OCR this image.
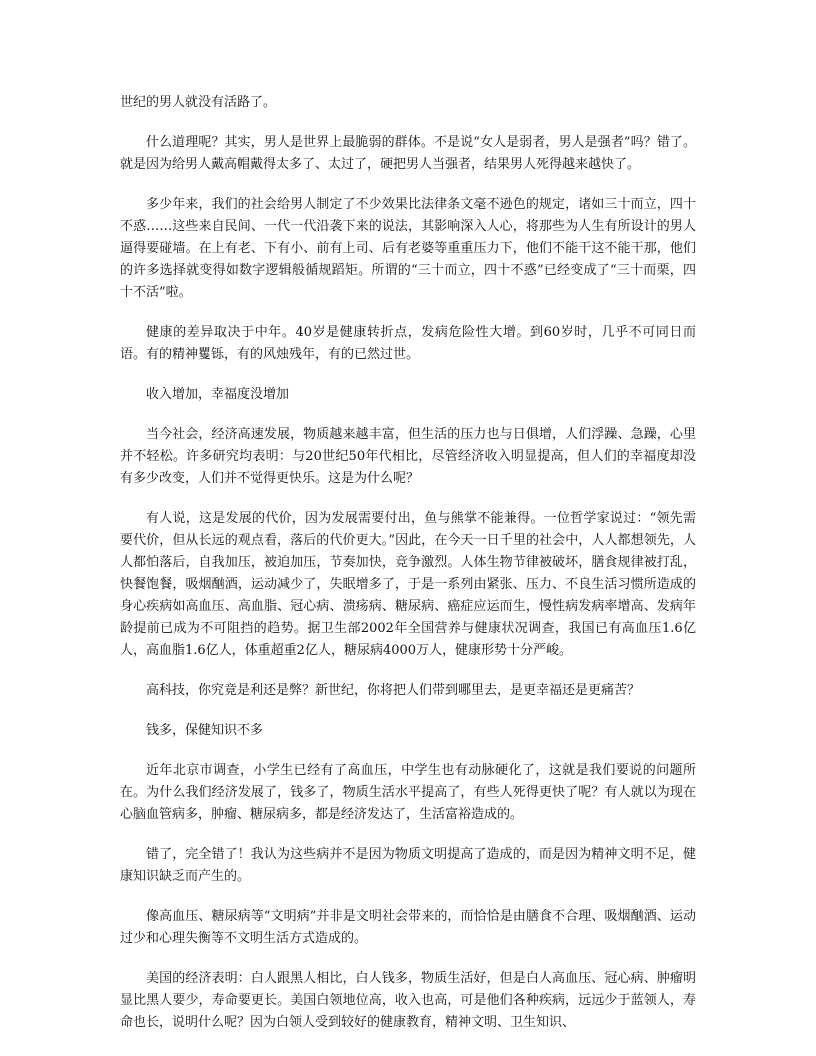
世纪的男人就没有活路了。

什么道理呢？其实，男人是世界上最脆弱的群体。不是说“女人是弱者，男人是强者”吗？错了。就是因为给男人戴高帽戴得太多了、太过了，硬把男人当强者，结果男人死得越来越快了。

多少年来，我们的社会给男人制定了不少效果比法律条文毫不逊色的规定，诸如三十而立，四十不惑……这些来自民间、一代一代沿袭下来的说法，其影响深入人心，将那些为人生有所设计的男人逼得要碰墙。在上有老、下有小、前有上司、后有老婆等重重压力下，他们不能干这不能干那，他们的许多选择就变得如数字逻辑般循规蹈矩。所谓的“三十而立，四十不惑”已经变成了“三十而栗，四十不活”啦。

健康的差异取决于中年。40岁是健康转折点，发病危险性大增。到60岁时，几乎不可同日而语。有的精神矍铄，有的风烛残年，有的已然过世。

收入增加，幸福度没增加

当今社会，经济高速发展，物质越来越丰富，但生活的压力也与日俱增，人们浮躁、急躁，心里并不轻松。许多研究均表明：与20世纪50年代相比，尽管经济收入明显提高，但人们的幸福度却没有多少改变，人们并不觉得更快乐。这是为什么呢？

有人说，这是发展的代价，因为发展需要付出，鱼与熊掌不能兼得。一位哲学家说过：“领先需要代价，但从长远的观点看，落后的代价更大。”因此，在今天一日千里的社会中，人人都想领先，人人都怕落后，自我加压，被迫加压，节奏加快，竞争激烈。人体生物节律被破坏，膳食规律被打乱，快餐饱餐，吸烟酗酒，运动减少了，失眠增多了，于是一系列由紧张、压力、不良生活习惯所造成的身心疾病如高血压、高血脂、冠心病、溃疡病、糖尿病、癌症应运而生，慢性病发病率增高、发病年龄提前已成为不可阻挡的趋势。据卫生部2002年全国营养与健康状况调查，我国已有高血压1.6亿人，高血脂1.6亿人，体重超重2亿人，糖尿病4000万人，健康形势十分严峻。

高科技，你究竟是利还是弊？新世纪，你将把人们带到哪里去，是更幸福还是更痛苦？

钱多，保健知识不多

近年北京市调查，小学生已经有了高血压，中学生也有动脉硬化了，这就是我们要说的问题所在。为什么我们经济发展了，钱多了，物质生活水平提高了，有些人死得更快了呢？有人就以为现在心脑血管病多，肿瘤、糖尿病多，都是经济发达了，生活富裕造成的。

错了，完全错了！我认为这些病并不是因为物质文明提高了造成的，而是因为精神文明不足，健康知识缺乏而产生的。

像高血压、糖尿病等“文明病”并非是文明社会带来的，而恰恰是由膳食不合理、吸烟酗酒、运动过少和心理失衡等不文明生活方式造成的。

美国的经济表明：白人跟黑人相比，白人钱多，物质生活好，但是白人高血压、冠心病、肿瘤明显比黑人要少，寿命要更长。美国白领地位高，收入也高，可是他们各种疾病，远远少于蓝领人，寿命也长，说明什么呢？因为白领人受到较好的健康教育，精神文明、卫生知识、
